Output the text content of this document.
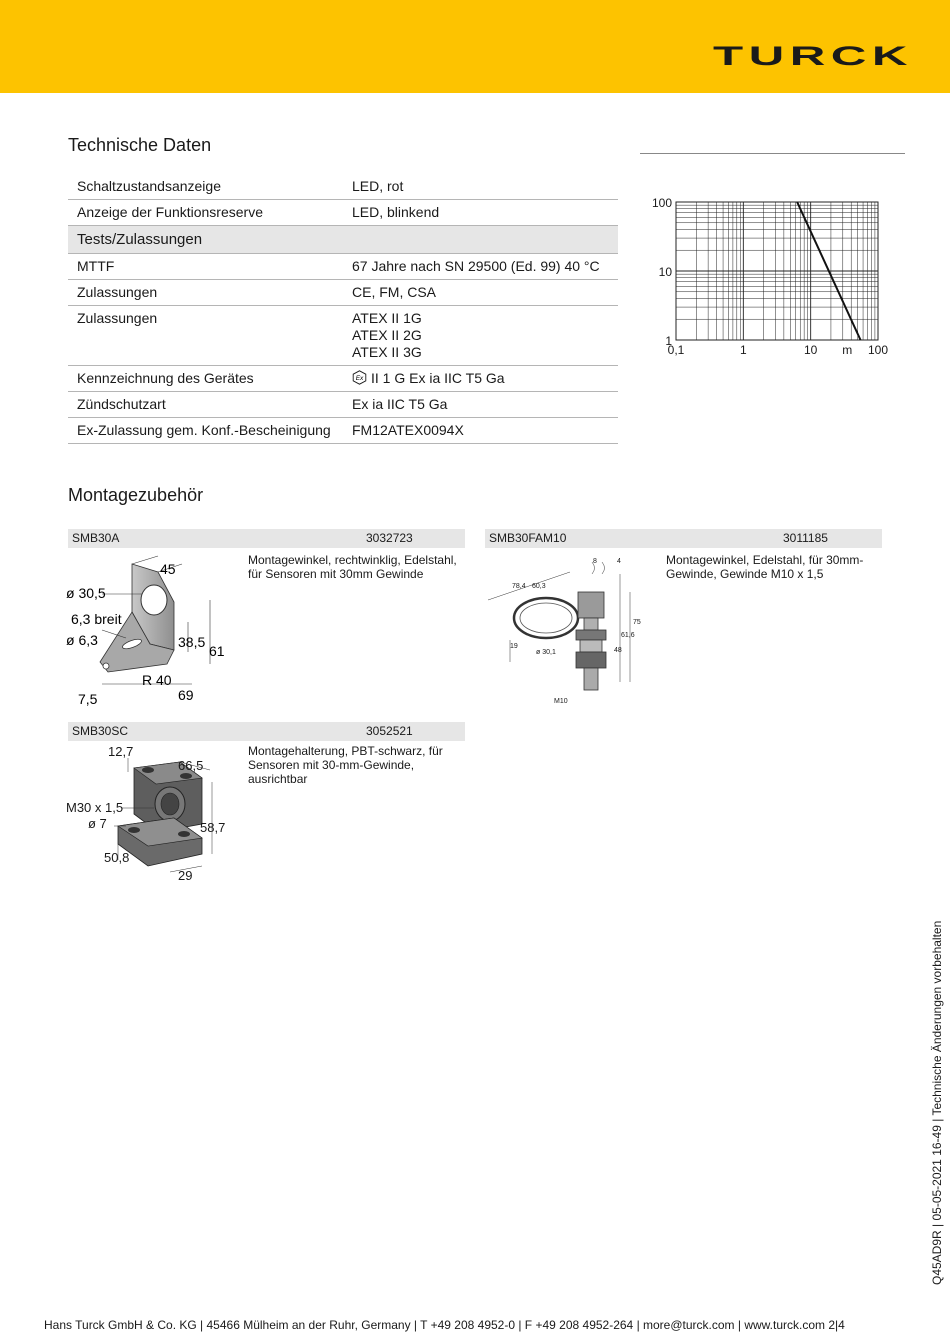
TURCK
Technische Daten
Schaltzustandsanzeige	LED, rot
Anzeige der Funktionsreserve	LED, blinkend
Tests/Zulassungen	
MTTF	67 Jahre nach SN 29500 (Ed. 99) 40 °C
Zulassungen	CE, FM, CSA
Zulassungen	ATEX II 1G
ATEX II 2G
ATEX II 3G

Kennzeichnung des Gerätes	Ex II 1 G Ex ia IIC T5 Ga
Zündschutzart	Ex ia IIC T5 Ga
Ex-Zulassung gem. Konf.-Bescheinigung	FM12ATEX0094X
0,1	1	10	100
m
1
10
100
Montagezubehör
SMB30A	3032723
Montagewinkel, rechtwinklig, Edelstahl, für Sensoren mit 30mm Gewinde
45
ø 30,5
6,3 breit
ø 6,3	38,5
61
R 40
7,5	69
SMB30FAM10	3011185
Montagewinkel, Edelstahl, für 30mm-Gewinde, Gewinde M10 x 1,5
8	4
78,4 60,3
75
61,6
48
19
ø 30,1
M10
SMB30SC	3052521
Montagehalterung, PBT-schwarz, für Sensoren mit 30-mm-Gewinde, ausrichtbar
12,7
66,5
M30 x 1,5
ø 7	58,7
50,8
29
Q45AD9R | 05-05-2021 16-49 | Technische Änderungen vorbehalten
Hans Turck GmbH & Co. KG | 45466 Mülheim an der Ruhr, Germany | T +49 208 4952-0 | F +49 208 4952-264 | more@turck.com | www.turck.com 2|4
